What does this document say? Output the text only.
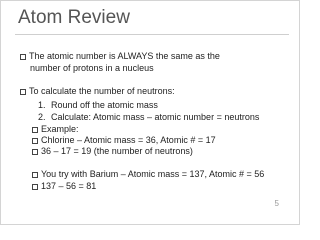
Atom Review
The atomic number is ALWAYS the same as the
number of protons in a nucleus
To calculate the number of neutrons:
1. Round off the atomic mass
2. Calculate: Atomic mass – atomic number = neutrons
Example:
Chlorine – Atomic mass = 36, Atomic # = 17
36 – 17 = 19 (the number of neutrons)
You try with Barium – Atomic mass = 137, Atomic # = 56
137 – 56 = 81
5
